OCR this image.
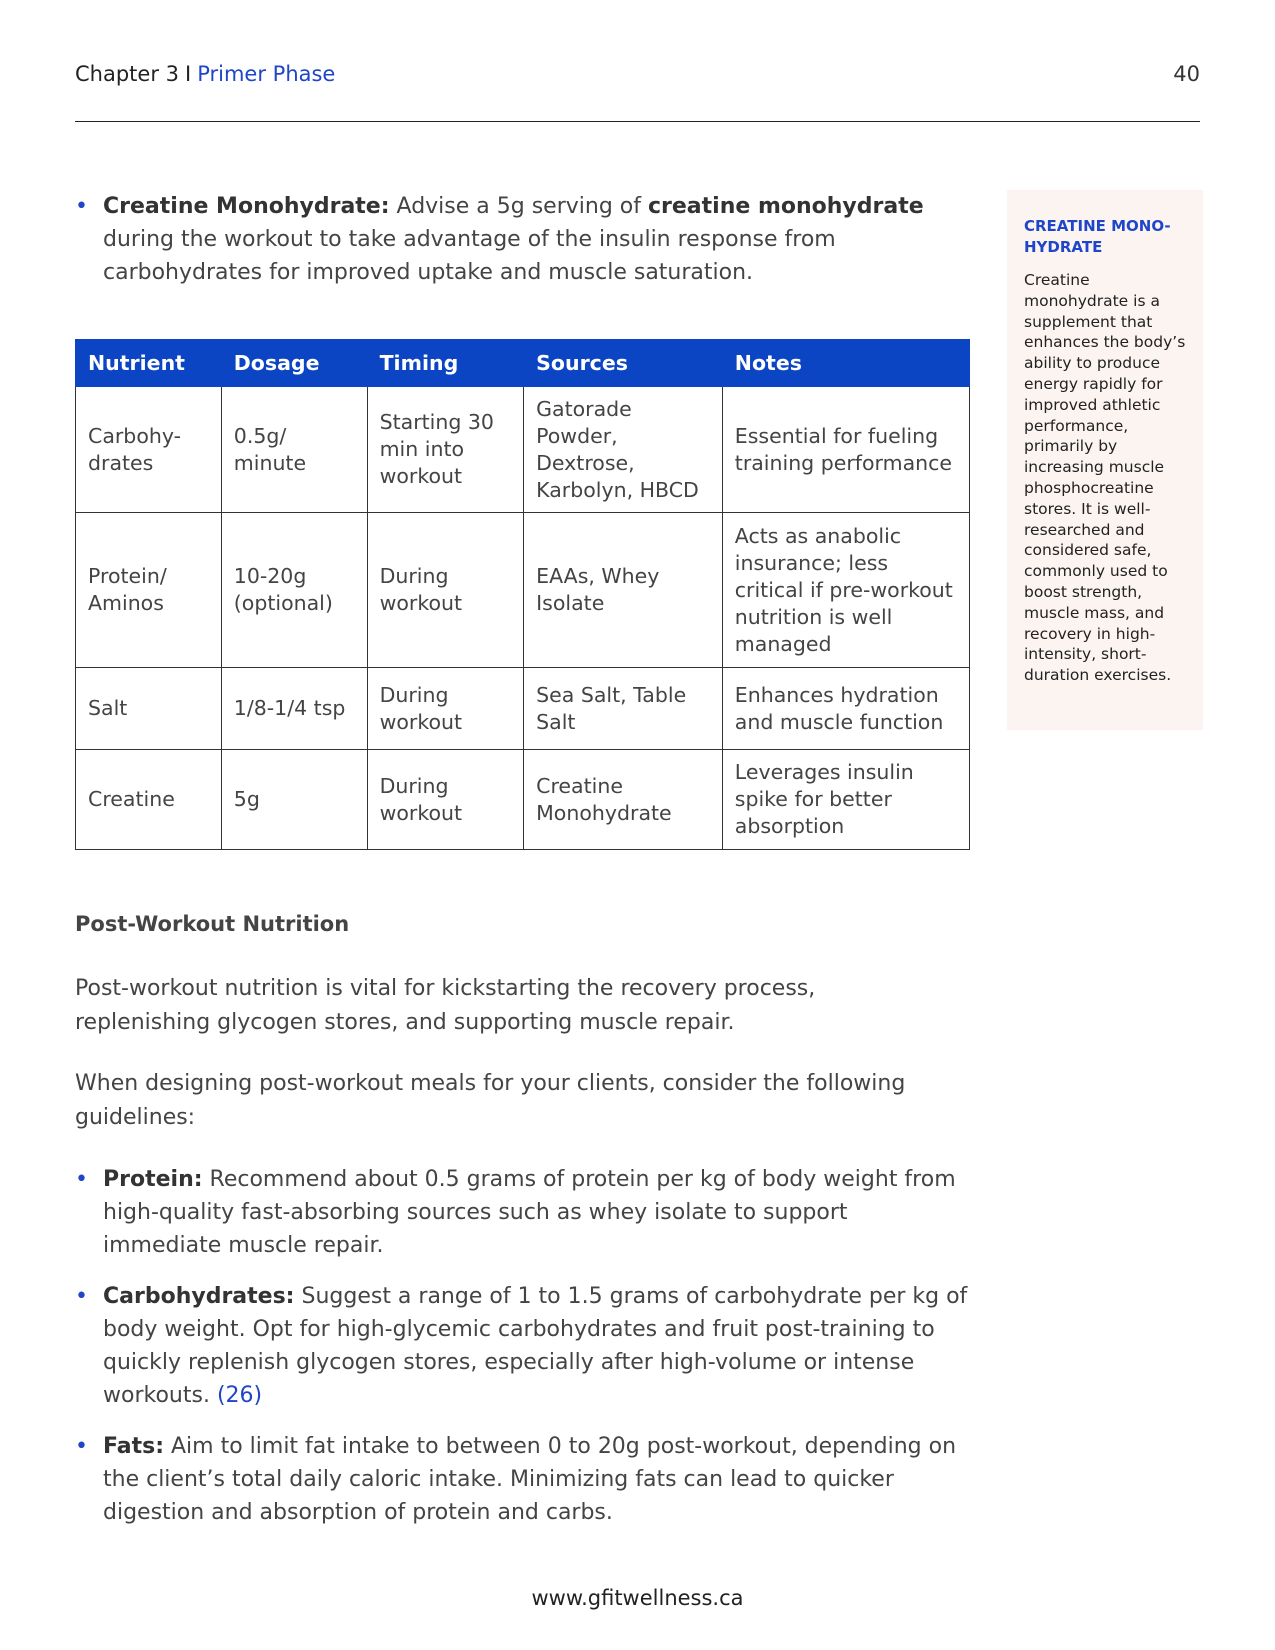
Chapter 3 I Primer Phase	40
• Creatine Monohydrate: Advise a 5g serving of creatine monohydrate during the workout to take advantage of the insulin response from carbohydrates for improved uptake and muscle saturation.
Nutrient	Dosage	Timing	Sources	Notes
Carbohy-drates	0.5g/ minute	Starting 30 min into workout	Gatorade Powder, Dextrose, Karbolyn, HBCD	Essential for fueling training performance
Protein/ Aminos	10-20g (optional)	During workout	EAAs, Whey Isolate	Acts as anabolic insurance; less critical if pre-workout nutrition is well managed
Salt	1/8-1/4 tsp	During workout	Sea Salt, Table Salt	Enhances hydration and muscle function
Creatine	5g	During workout	Creatine Monohydrate	Leverages insulin spike for better absorption
Post-Workout Nutrition

Post-workout nutrition is vital for kickstarting the recovery process, replenishing glycogen stores, and supporting muscle repair.

When designing post-workout meals for your clients, consider the following guidelines:

• Protein: Recommend about 0.5 grams of protein per kg of body weight from high-quality fast-absorbing sources such as whey isolate to support immediate muscle repair.
• Carbohydrates: Suggest a range of 1 to 1.5 grams of carbohydrate per kg of body weight. Opt for high-glycemic carbohydrates and fruit post-training to quickly replenish glycogen stores, especially after high-volume or intense workouts. (26)
• Fats: Aim to limit fat intake to between 0 to 20g post-workout, depending on the client’s total daily caloric intake. Minimizing fats can lead to quicker digestion and absorption of protein and carbs.

CREATINE MONO-HYDRATE

Creatine monohydrate is a supplement that enhances the body’s ability to produce energy rapidly for improved athletic performance, primarily by increasing muscle phosphocreatine stores. It is well-researched and considered safe, commonly used to boost strength, muscle mass, and recovery in high-intensity, short-duration exercises.

www.gfitwellness.ca
